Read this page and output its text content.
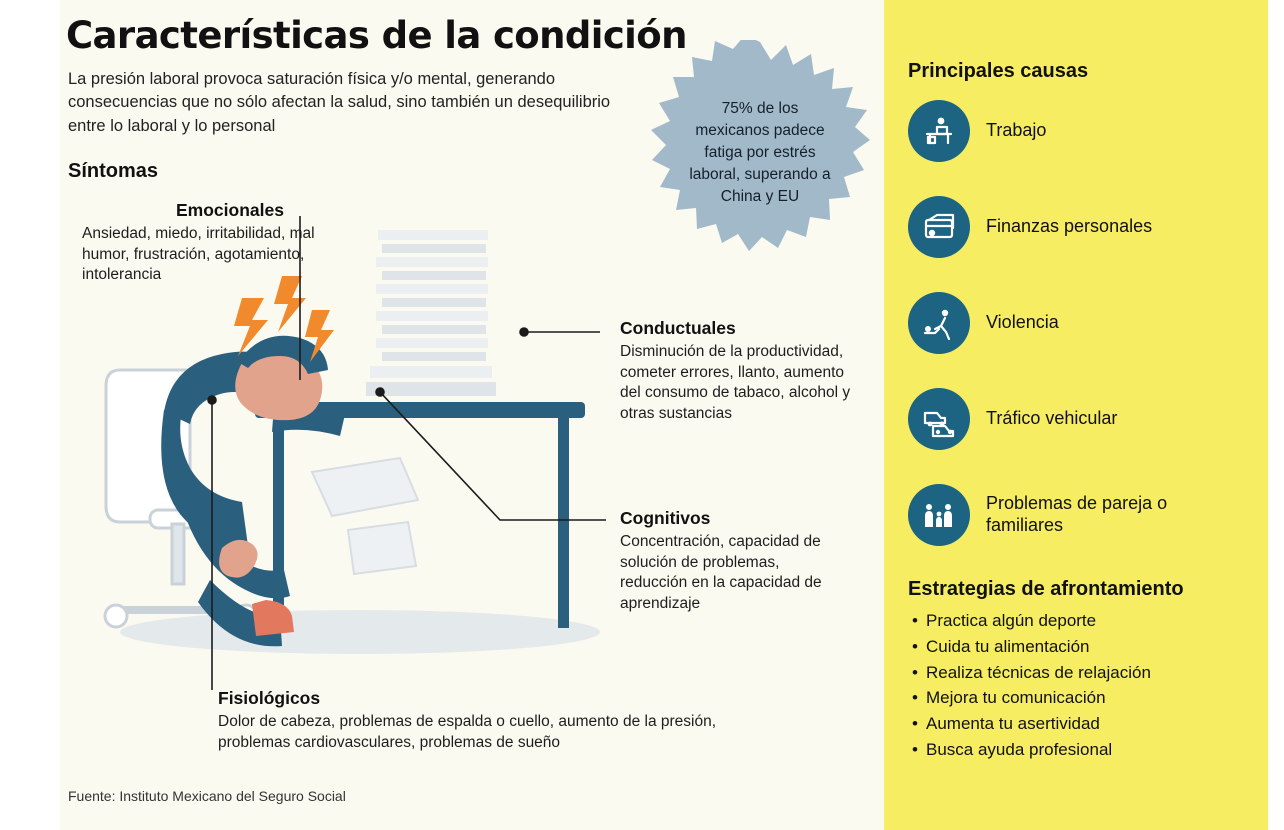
Características de la condición
La presión laboral provoca saturación física y/o mental, generando consecuencias que no sólo afectan la salud, sino también un desequilibrio entre lo laboral y lo personal
Síntomas
75% de los mexicanos padece fatiga por estrés laboral, superando a China y EU
Emocionales
Ansiedad, miedo, irritabilidad, mal humor, frustración, agotamiento, intolerancia
Conductuales
Disminución de la productividad, cometer errores, llanto, aumento del consumo de tabaco, alcohol y otras sustancias
Cognitivos
Concentración, capacidad de solución de problemas, reducción en la capacidad de aprendizaje
Fisiológicos
Dolor de cabeza, problemas de espalda o cuello, aumento de la presión, problemas cardiovasculares, problemas de sueño
Fuente: Instituto Mexicano del Seguro Social
Principales causas
Trabajo
Finanzas personales
Violencia
Tráfico vehicular
Problemas de pareja o familiares
Estrategias de afrontamiento
• Practica algún deporte
• Cuida tu alimentación
• Realiza técnicas de relajación
• Mejora tu comunicación
• Aumenta tu asertividad
• Busca ayuda profesional
